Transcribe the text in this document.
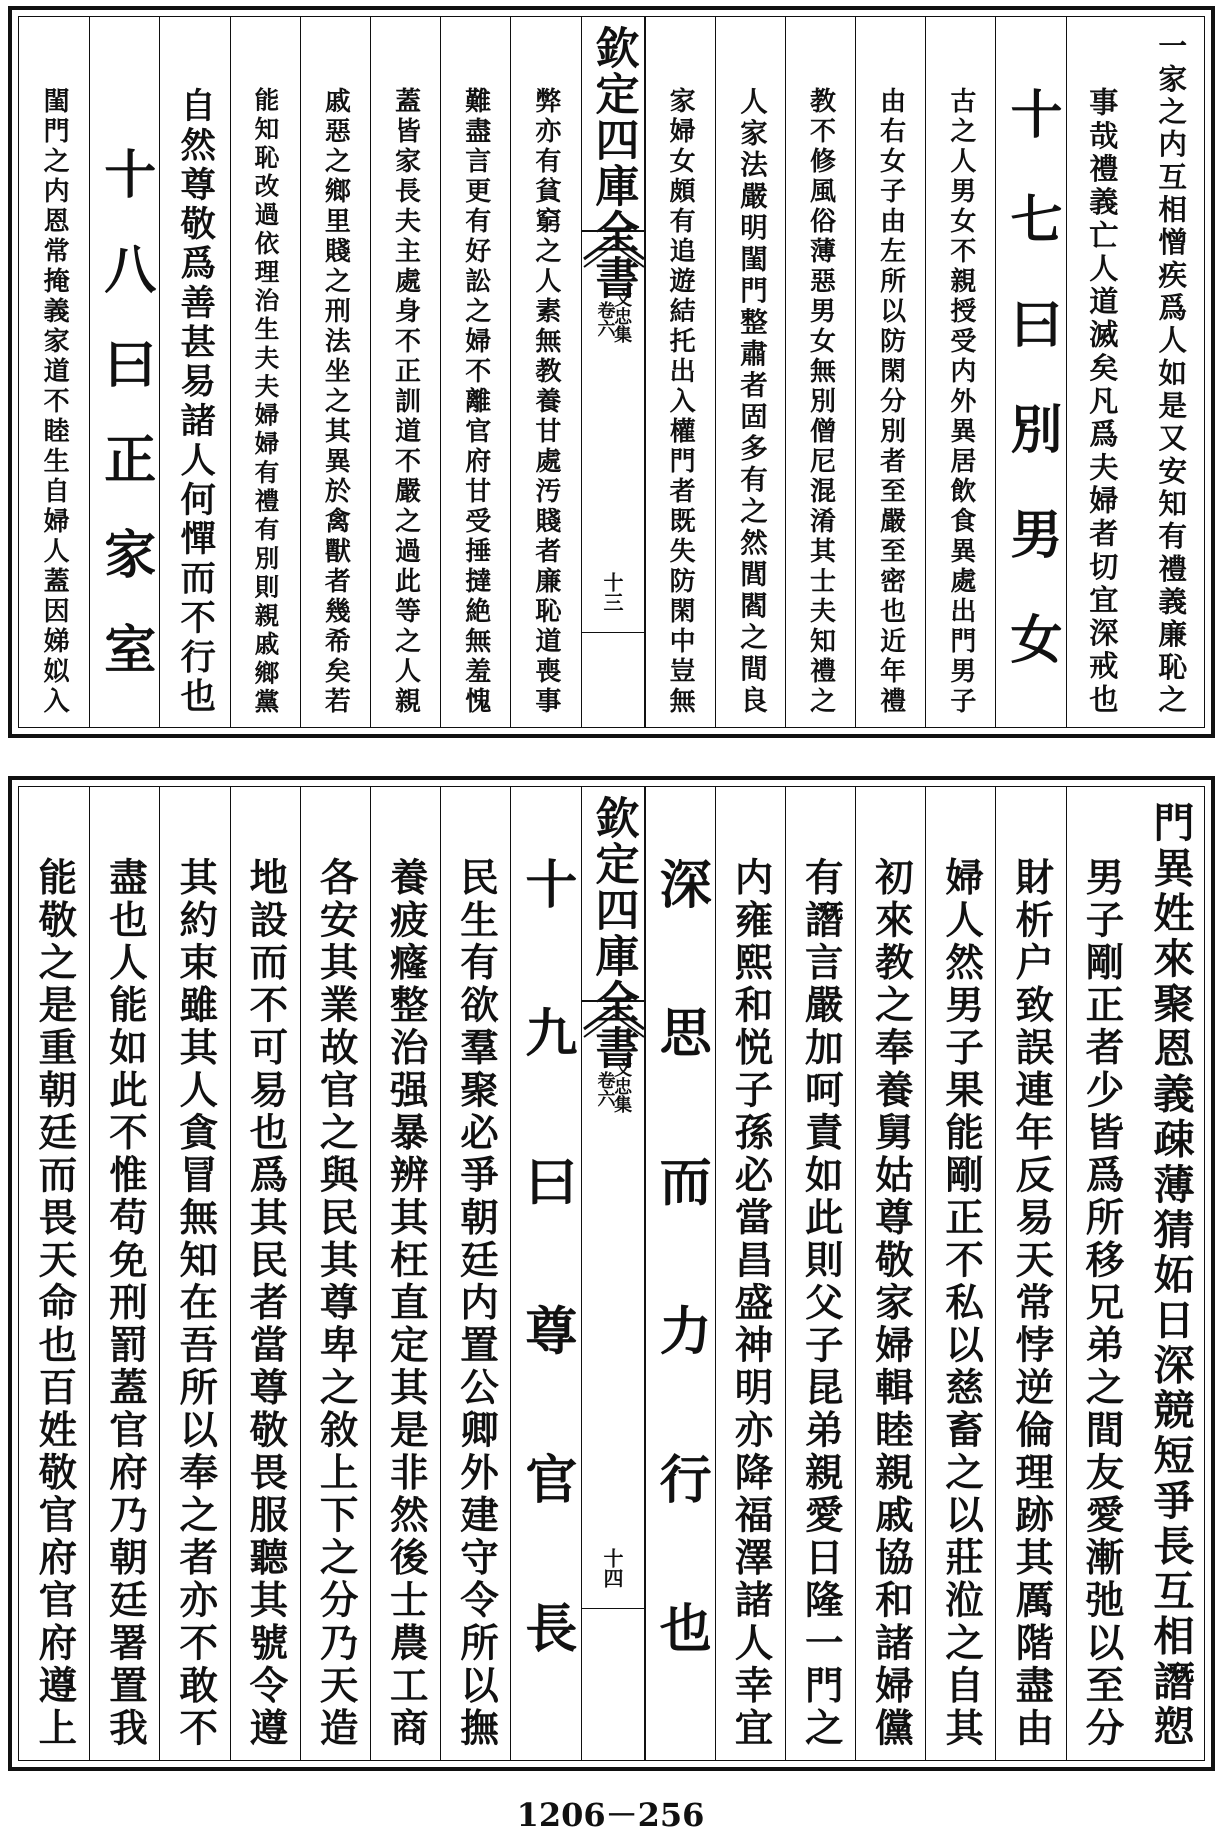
一家之内互相憎疾爲人如是又安知有禮義廉恥之
事哉禮義亡人道滅矣凡爲夫婦者切宜深戒也
十七曰別男女
古之人男女不親授受内外異居飲食異處出門男子
由右女子由左所以防閑分別者至嚴至密也近年禮
教不修風俗薄惡男女無別僧尼混淆其士夫知禮之
人家法嚴明閨門整肅者固多有之然閭閻之間良
家婦女頗有追遊結托出入權門者既失防閑中豈無
欽定四庫全書
文忠集
卷六
十三
弊亦有貧窮之人素無教養甘處汚賤者廉恥道喪事
難盡言更有好訟之婦不離官府甘受捶撻絶無羞愧
蓋皆家長夫主處身不正訓道不嚴之過此等之人親
戚惡之鄉里賤之刑法坐之其異於禽獸者幾希矣若
能知恥改過依理治生夫夫婦婦有禮有別則親戚鄉黨
自然尊敬爲善甚易諸人何憚而不行也
十八曰正家室
閨門之内恩常掩義家道不睦生自婦人蓋因娣姒入
門異姓來聚恩義疎薄猜妬日深競短爭長互相譖愬
男子剛正者少皆爲所移兄弟之間友愛漸弛以至分
財析户致誤連年反易天常悖逆倫理跡其厲階盡由
婦人然男子果能剛正不私以慈畜之以莊涖之自其
初來教之奉養舅姑尊敬家婦輯睦親戚協和諸婦儻
有譖言嚴加呵責如此則父子昆弟親愛日隆一門之
内雍熙和悦子孫必當昌盛神明亦降福澤諸人幸宜
深思而力行也
欽定四庫全書
文忠集
卷六
十四
十九曰尊官長
民生有欲羣聚必爭朝廷内置公卿外建守令所以撫
養疲癃整治强暴辨其枉直定其是非然後士農工商
各安其業故官之與民其尊卑之敘上下之分乃天造
地設而不可易也爲其民者當尊敬畏服聽其號令遵
其約束雖其人貪冒無知在吾所以奉之者亦不敢不
盡也人能如此不惟苟免刑罰蓋官府乃朝廷署置我
能敬之是重朝廷而畏天命也百姓敬官府官府遵上
1206－256
